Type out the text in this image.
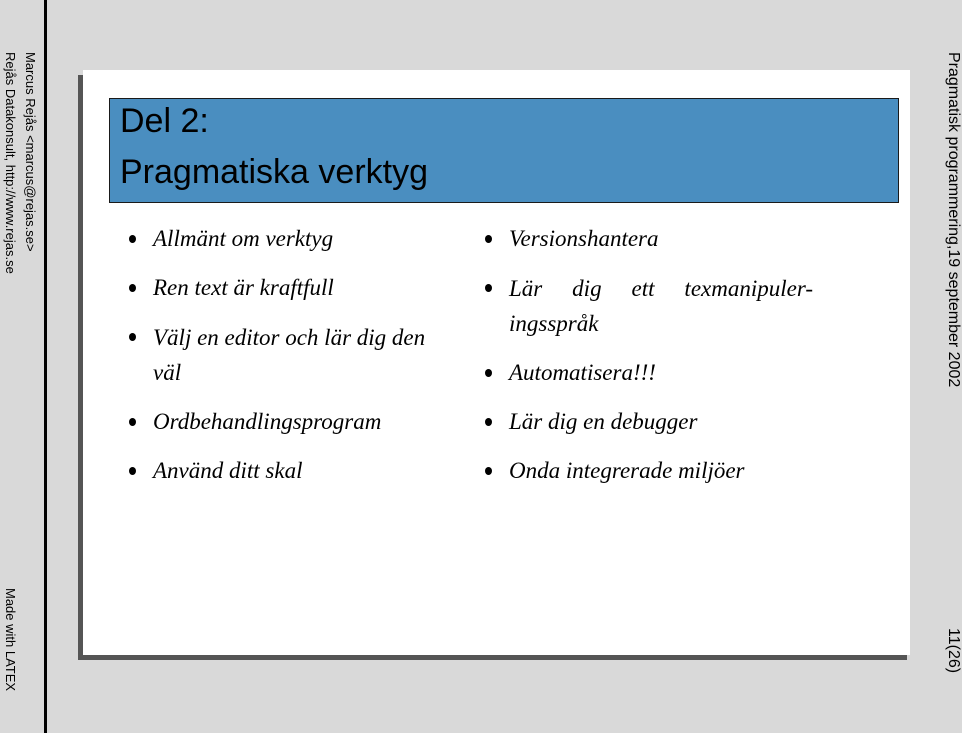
Marcus Rejås <marcus@rejas.se>
Rejås Datakonsult, http://www.rejas.se
Made with LATEX
Pragmatisk programmering,19 september 2002
11(26)
Del 2:
Pragmatiska verktyg
Allmänt om verktyg
Ren text är kraftfull
Välj en editor och lär dig den
väl
Ordbehandlingsprogram
Använd ditt skal
Versionshantera
Lär dig ett texmanipuler-
ingsspråk
Automatisera!!!
Lär dig en debugger
Onda integrerade miljöer
